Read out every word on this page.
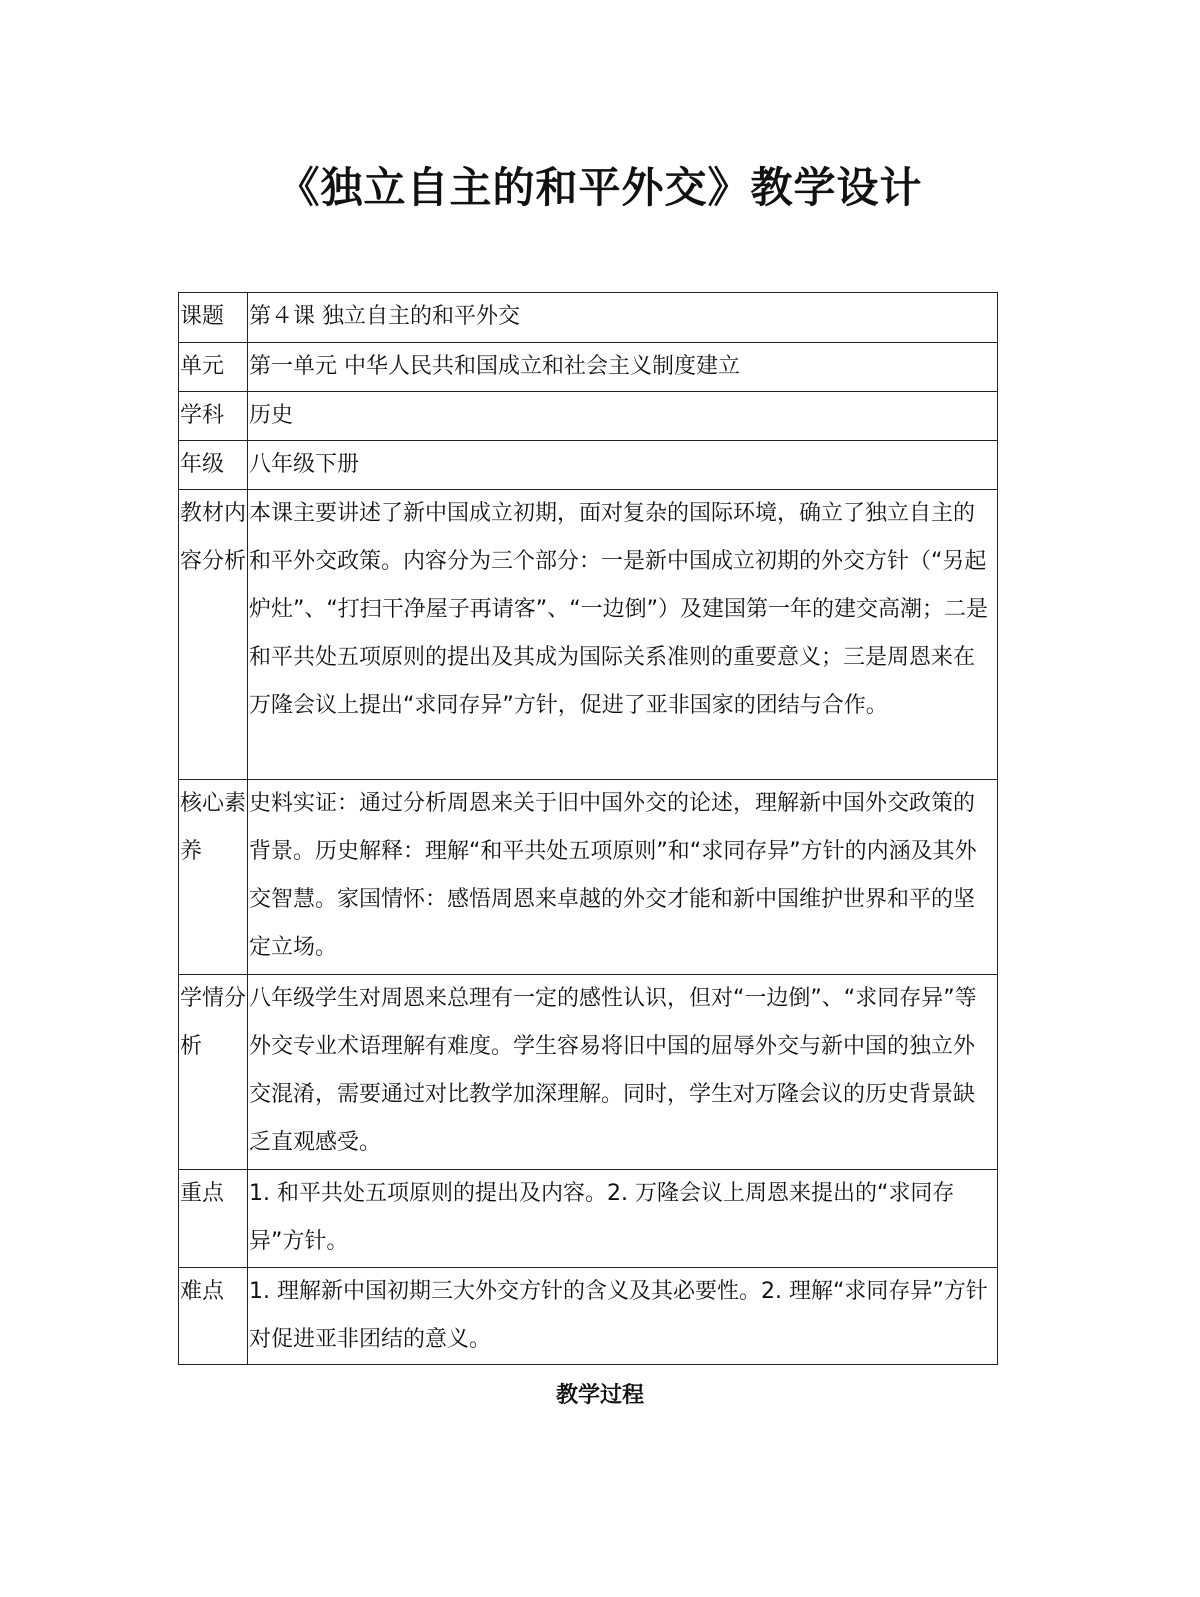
《独立自主的和平外交》教学设计
课题	第４课 独立自主的和平外交
单元	第一单元 中华人民共和国成立和社会主义制度建立
学科	历史
年级	八年级下册
教材内容分析	本课主要讲述了新中国成立初期，面对复杂的国际环境，确立了独立自主的和平外交政策。内容分为三个部分：一是新中国成立初期的外交方针（“另起炉灶”、“打扫干净屋子再请客”、“一边倒”）及建国第一年的建交高潮；二是和平共处五项原则的提出及其成为国际关系准则的重要意义；三是周恩来在万隆会议上提出“求同存异”方针，促进了亚非国家的团结与合作。
核心素养	史料实证：通过分析周恩来关于旧中国外交的论述，理解新中国外交政策的背景。历史解释：理解“和平共处五项原则”和“求同存异”方针的内涵及其外交智慧。家国情怀：感悟周恩来卓越的外交才能和新中国维护世界和平的坚定立场。
学情分析	八年级学生对周恩来总理有一定的感性认识，但对“一边倒”、“求同存异”等外交专业术语理解有难度。学生容易将旧中国的屈辱外交与新中国的独立外交混淆，需要通过对比教学加深理解。同时，学生对万隆会议的历史背景缺乏直观感受。
重点	1. 和平共处五项原则的提出及内容。2. 万隆会议上周恩来提出的“求同存异”方针。
难点	1. 理解新中国初期三大外交方针的含义及其必要性。2. 理解“求同存异”方针对促进亚非团结的意义。
教学过程
